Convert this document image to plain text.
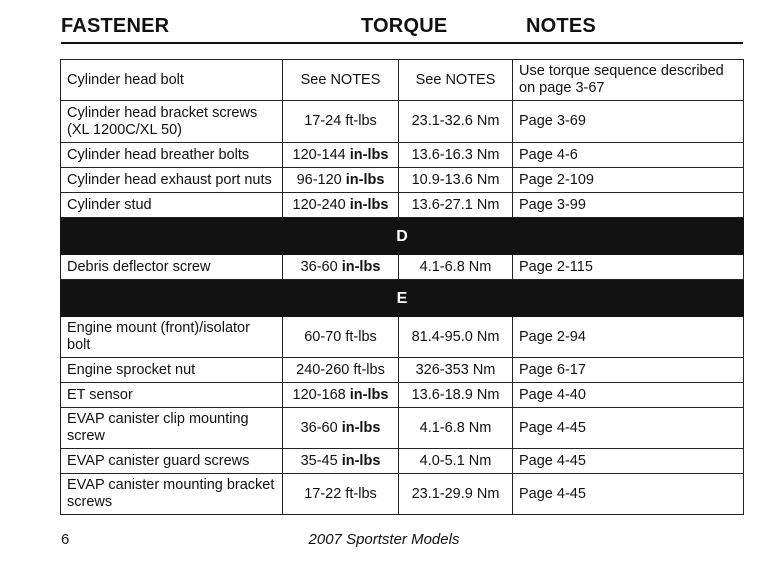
FASTENER	TORQUE	NOTES
Cylinder head bolt	See NOTES	See NOTES	Use torque sequence described on page 3-67
Cylinder head bracket screws (XL 1200C/XL 50)	17-24 ft-lbs	23.1-32.6 Nm	Page 3-69
Cylinder head breather bolts	120-144 in-lbs	13.6-16.3 Nm	Page 4-6
Cylinder head exhaust port nuts	96-120 in-lbs	10.9-13.6 Nm	Page 2-109
Cylinder stud	120-240 in-lbs	13.6-27.1 Nm	Page 3-99
D			
Debris deflector screw	36-60 in-lbs	4.1-6.8 Nm	Page 2-115
E			
Engine mount (front)/isolator bolt	60-70 ft-lbs	81.4-95.0 Nm	Page 2-94
Engine sprocket nut	240-260 ft-lbs	326-353 Nm	Page 6-17
ET sensor	120-168 in-lbs	13.6-18.9 Nm	Page 4-40
EVAP canister clip mounting screw	36-60 in-lbs	4.1-6.8 Nm	Page 4-45
EVAP canister guard screws	35-45 in-lbs	4.0-5.1 Nm	Page 4-45
EVAP canister mounting bracket screws	17-22 ft-lbs	23.1-29.9 Nm	Page 4-45
6	2007 Sportster Models
